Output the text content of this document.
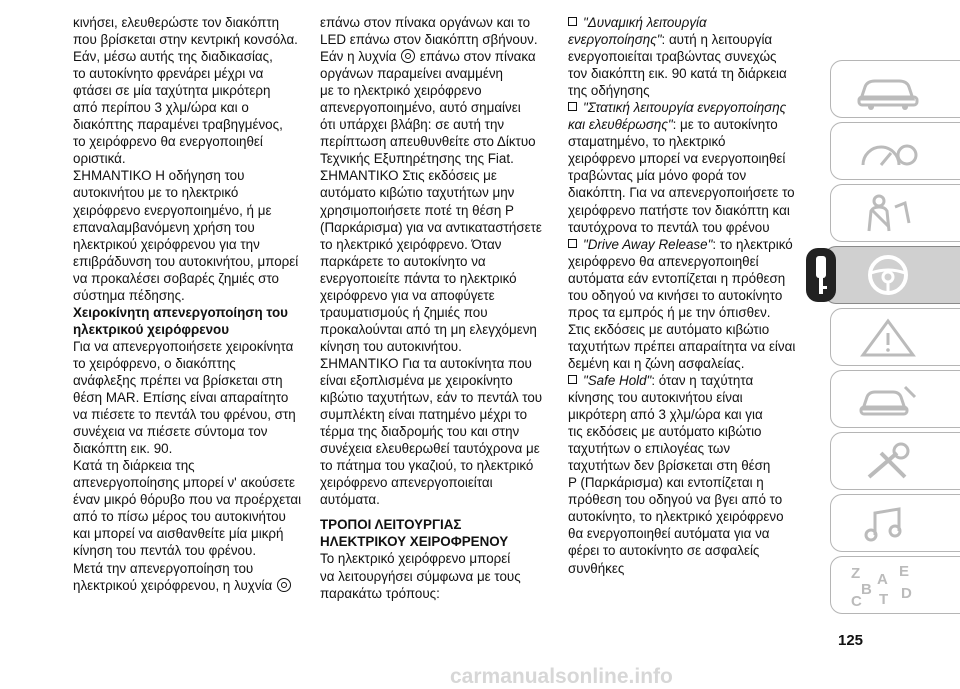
κινήσει, ελευθερώστε τον διακόπτη

που βρίσκεται στην κεντρική κονσόλα.

Εάν, μέσω αυτής της διαδικασίας,

το αυτοκίνητο φρενάρει μέχρι να

φτάσει σε μία ταχύτητα μικρότερη

από περίπου 3 χλμ/ώρα και ο

διακόπτης παραμένει τραβηγμένος,

το χειρόφρενο θα ενεργοποιηθεί

οριστικά.

ΣΗΜΑΝΤΙΚΟ Η οδήγηση του

αυτοκινήτου με το ηλεκτρικό

χειρόφρενο ενεργοποιημένο, ή με

επαναλαμβανόμενη χρήση του

ηλεκτρικού χειρόφρενου για την

επιβράδυνση του αυτοκινήτου, μπορεί

να προκαλέσει σοβαρές ζημιές στο

σύστημα πέδησης.

Χειροκίνητη απενεργοποίηση του

ηλεκτρικού χειρόφρενου

Για να απενεργοποιήσετε χειροκίνητα

το χειρόφρενο, ο διακόπτης

ανάφλεξης πρέπει να βρίσκεται στη

θέση MAR. Επίσης είναι απαραίτητο

να πιέσετε το πεντάλ του φρένου, στη

συνέχεια να πιέσετε σύντομα τον

διακόπτη εικ. 90.

Κατά τη διάρκεια της

απενεργοποίησης μπορεί ν' ακούσετε

έναν μικρό θόρυβο που να προέρχεται

από το πίσω μέρος του αυτοκινήτου

και μπορεί να αισθανθείτε μία μικρή

κίνηση του πεντάλ του φρένου.

Μετά την απενεργοποίηση του

ηλεκτρικού χειρόφρενου, η λυχνία

επάνω στον πίνακα οργάνων και το

LED επάνω στον διακόπτη σβήνουν.

Εάν η λυχνία επάνω στον πίνακα

οργάνων παραμείνει αναμμένη

με το ηλεκτρικό χειρόφρενο

απενεργοποιημένο, αυτό σημαίνει

ότι υπάρχει βλάβη: σε αυτή την

περίπτωση απευθυνθείτε στο Δίκτυο

Τεχνικής Εξυπηρέτησης της Fiat.

ΣΗΜΑΝΤΙΚΟ Στις εκδόσεις με

αυτόματο κιβώτιο ταχυτήτων μην

χρησιμοποιήσετε ποτέ τη θέση P

(Παρκάρισμα) για να αντικαταστήσετε

το ηλεκτρικό χειρόφρενο. Όταν

παρκάρετε το αυτοκίνητο να

ενεργοποιείτε πάντα το ηλεκτρικό

χειρόφρενο για να αποφύγετε

τραυματισμούς ή ζημιές που

προκαλούνται από τη μη ελεγχόμενη

κίνηση του αυτοκινήτου.

ΣΗΜΑΝΤΙΚΟ Για τα αυτοκίνητα που

είναι εξοπλισμένα με χειροκίνητο

κιβώτιο ταχυτήτων, εάν το πεντάλ του

συμπλέκτη είναι πατημένο μέχρι το

τέρμα της διαδρομής του και στην

συνέχεια ελευθερωθεί ταυτόχρονα με

το πάτημα του γκαζιού, το ηλεκτρικό

χειρόφρενο απενεργοποιείται

αυτόματα.

ΤΡΟΠΟΙ ΛΕΙΤΟΥΡΓΙΑΣ

ΗΛΕΚΤΡΙΚΟΥ ΧΕΙΡΟΦΡΕΝΟΥ

Το ηλεκτρικό χειρόφρενο μπορεί

να λειτουργήσει σύμφωνα με τους

παρακάτω τρόπους:

"Δυναμική λειτουργία

ενεργοποίησης": αυτή η λειτουργία

ενεργοποιείται τραβώντας συνεχώς

τον διακόπτη εικ. 90 κατά τη διάρκεια

της οδήγησης

"Στατική λειτουργία ενεργοποίησης

και ελευθέρωσης": με το αυτοκίνητο

σταματημένο, το ηλεκτρικό

χειρόφρενο μπορεί να ενεργοποιηθεί

τραβώντας μία μόνο φορά τον

διακόπτη. Για να απενεργοποιήσετε το

χειρόφρενο πατήστε τον διακόπτη και

ταυτόχρονα το πεντάλ του φρένου

"Drive Away Release": το ηλεκτρικό

χειρόφρενο θα απενεργοποιηθεί

αυτόματα εάν εντοπίζεται η πρόθεση

του οδηγού να κινήσει το αυτοκίνητο

προς τα εμπρός ή με την όπισθεν.

Στις εκδόσεις με αυτόματο κιβώτιο

ταχυτήτων πρέπει απαραίτητα να είναι

δεμένη και η ζώνη ασφαλείας.

"Safe Hold": όταν η ταχύτητα

κίνησης του αυτοκινήτου είναι

μικρότερη από 3 χλμ/ώρα και για

τις εκδόσεις με αυτόματο κιβώτιο

ταχυτήτων ο επιλογέας των

ταχυτήτων δεν βρίσκεται στη θέση

P (Παρκάρισμα) και εντοπίζεται η

πρόθεση του οδηγού να βγει από το

αυτοκίνητο, το ηλεκτρικό χειρόφρενο

θα ενεργοποιηθεί αυτόματα για να

φέρει το αυτοκίνητο σε ασφαλείς

συνθήκες

125
Z A E
B
C T D
carmanualsonline.info
